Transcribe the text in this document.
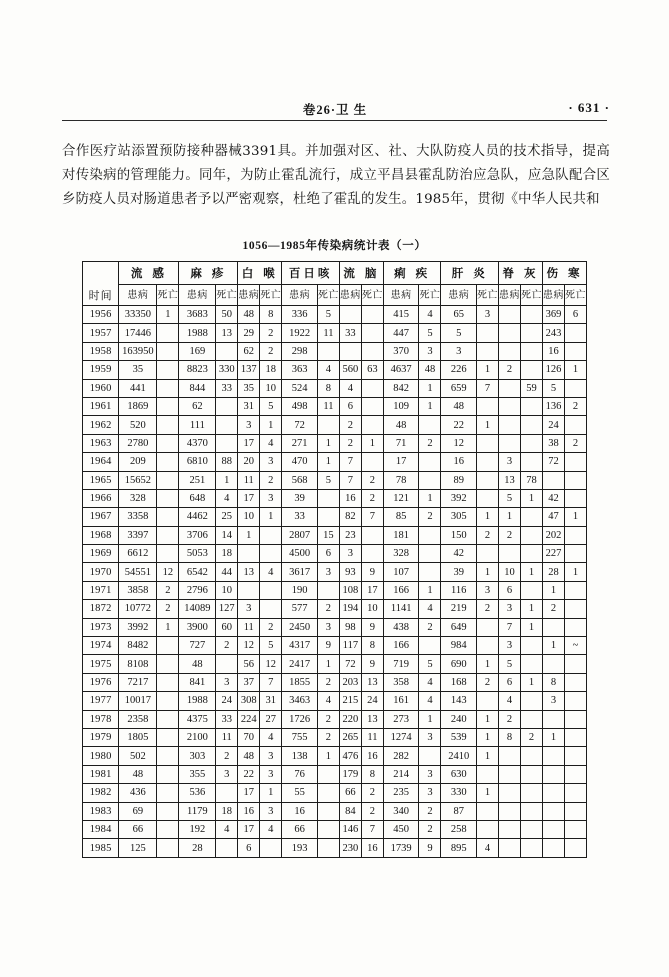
卷26·卫 生	· 631 ·

合作医疗站添置预防接种器械3391具。并加强对区、社、大队防疫人员的技术指导，提高对传染病的管理能力。同年，为防止霍乱流行，成立平昌县霍乱防治应急队，应急队配合区乡防疫人员对肠道患者予以严密观察，杜绝了霍乱的发生。1985年，贯彻《中华人民共和

1056—1985年传染病统计表（一）
时间	流 感		麻 疹		白 喉		百日咳		流 脑		痢 疾		肝 炎		脊 灰		伤 寒	
	患病	死亡	患病	死亡	患病	死亡	患病	死亡	患病	死亡	患病	死亡	患病	死亡	患病	死亡	患病	死亡
1956	33350	1	3683	50	48	8	336	5			415	4	65	3			369	6
1957	17446		1988	13	29	2	1922	11	33		447	5	5				243	
1958	163950		169		62	2	298				370	3	3				16	
1959	35		8823	330	137	18	363	4	560	63	4637	48	226	1	2		126	1
1960	441		844	33	35	10	524	8	4		842	1	659	7		59	5	
1961	1869		62		31	5	498	11	6		109	1	48				136	2
1962	520		111		3	1	72		2		48		22	1			24	
1963	2780		4370		17	4	271	1	2	1	71	2	12				38	2
1964	209		6810	88	20	3	470	1	7		17		16		3		72	
1965	15652		251	1	11	2	568	5	7	2	78		89		13	78		
1966	328		648	4	17	3	39		16	2	121	1	392		5	1	42	
1967	3358		4462	25	10	1	33		82	7	85	2	305	1	1		47	1
1968	3397		3706	14	1		2807	15	23		181		150	2	2		202	
1969	6612		5053	18			4500	6	3		328		42				227	
1970	54551	12	6542	44	13	4	3617	3	93	9	107		39	1	10	1	28	1
1971	3858	2	2796	10			190		108	17	166	1	116	3	6		1	
1872	10772	2	14089	127	3		577	2	194	10	1141	4	219	2	3	1	2	
1973	3992	1	3900	60	11	2	2450	3	98	9	438	2	649		7	1		
1974	8482		727	2	12	5	4317	9	117	8	166		984		3		1	~
1975	8108		48		56	12	2417	1	72	9	719	5	690	1	5			
1976	7217		841	3	37	7	1855	2	203	13	358	4	168	2	6	1	8	
1977	10017		1988	24	308	31	3463	4	215	24	161	4	143		4		3	
1978	2358		4375	33	224	27	1726	2	220	13	273	1	240	1	2			
1979	1805		2100	11	70	4	755	2	265	11	1274	3	539	1	8	2	1	
1980	502		303	2	48	3	138	1	476	16	282		2410	1				
1981	48		355	3	22	3	76		179	8	214	3	630					
1982	436		536		17	1	55		66	2	235	3	330	1				
1983	69		1179	18	16	3	16		84	2	340	2	87					
1984	66		192	4	17	4	66		146	7	450	2	258					
1985	125		28		6		193		230	16	1739	9	895	4				
